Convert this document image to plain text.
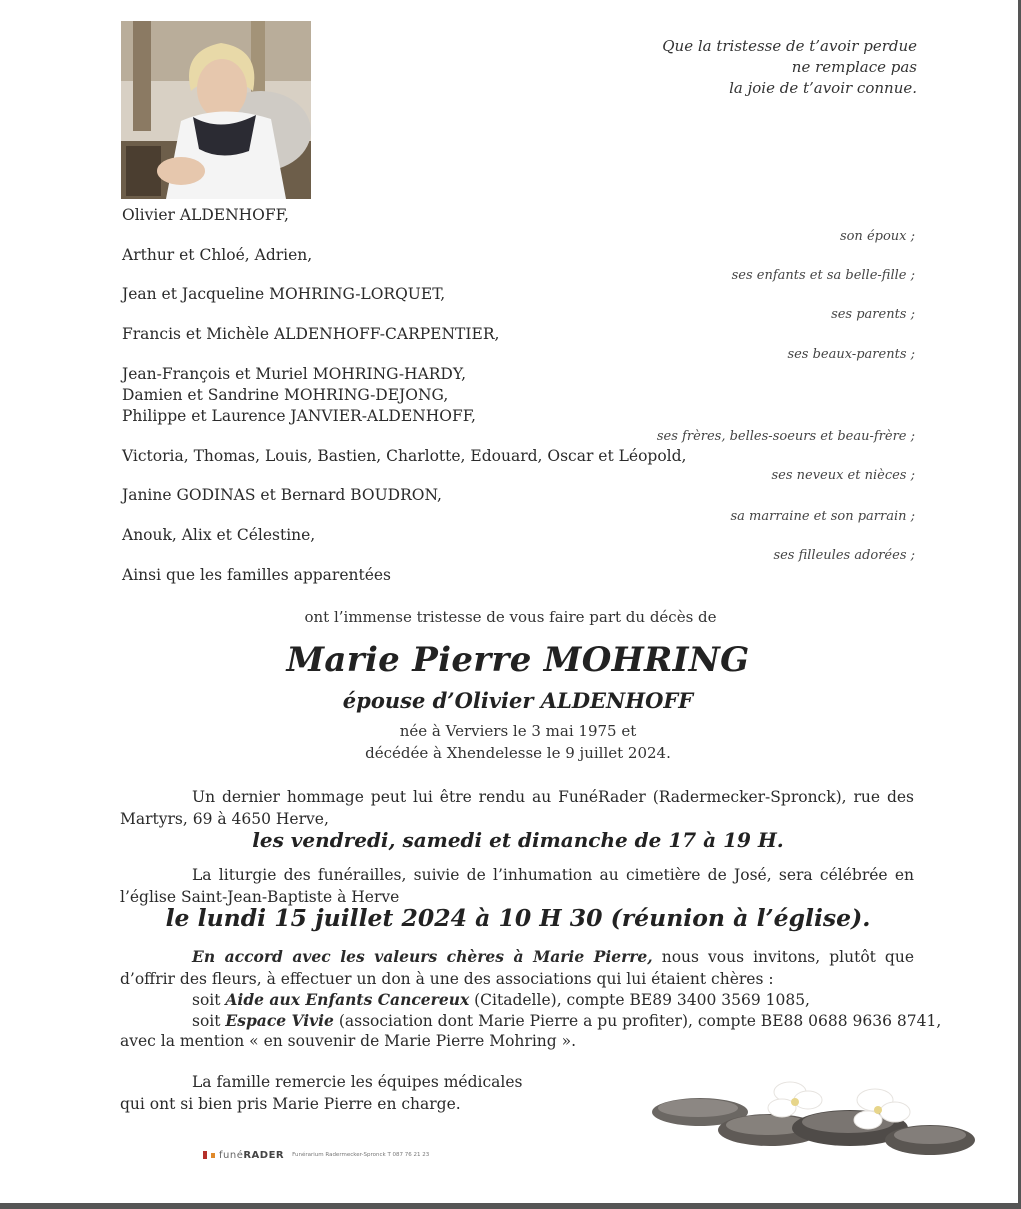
Que la tristesse de t’avoir perdue
ne remplace pas
la joie de t’avoir connue.
Olivier ALDENHOFF,
son époux ;
Arthur et Chloé, Adrien,
ses enfants et sa belle-fille ;
Jean et Jacqueline MOHRING-LORQUET,
ses parents ;
Francis et Michèle ALDENHOFF-CARPENTIER,
ses beaux-parents ;
Jean-François et Muriel MOHRING-HARDY,
Damien et Sandrine MOHRING-DEJONG,
Philippe et Laurence JANVIER-ALDENHOFF,
ses frères, belles-soeurs et beau-frère ;
Victoria, Thomas, Louis, Bastien, Charlotte, Edouard, Oscar et Léopold,
ses neveux et nièces ;
Janine GODINAS et Bernard BOUDRON,
sa marraine et son parrain ;
Anouk, Alix et Célestine,
ses filleules adorées ;
Ainsi que les familles apparentées
ont l’immense tristesse de vous faire part du décès de
Marie Pierre MOHRING
épouse d’Olivier ALDENHOFF
née à Verviers le 3 mai 1975 et
décédée à Xhendelesse le 9 juillet 2024.
Un dernier hommage peut lui être rendu au FunéRader (Radermecker-Spronck), rue des Martyrs, 69 à 4650 Herve,
les vendredi, samedi et dimanche de 17 à 19 H.
La liturgie des funérailles, suivie de l’inhumation au cimetière de José, sera célébrée en l’église Saint-Jean-Baptiste à Herve
le lundi 15 juillet 2024 à 10 H 30 (réunion à l’église).
En accord avec les valeurs chères à Marie Pierre, nous vous invitons, plutôt que d’offrir des fleurs, à effectuer un don à une des associations qui lui étaient chères :
soit Aide aux Enfants Cancereux (Citadelle), compte BE89 3400 3569 1085,
soit Espace Vivie (association dont Marie Pierre a pu profiter), compte BE88 0688 9636 8741,
avec la mention « en souvenir de Marie Pierre Mohring ».
La famille remercie les équipes médicales
qui ont si bien pris Marie Pierre en charge.
funéRADER Funérarium Radermecker-Spronck T 087 76 21 23
